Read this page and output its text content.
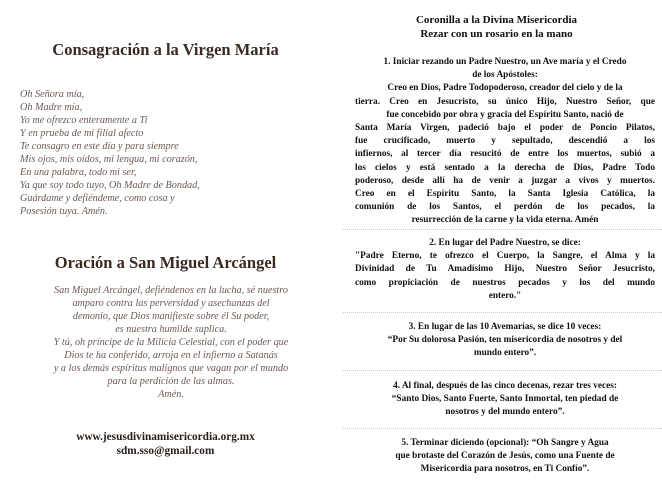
Consagración a la Virgen María
Oh Señora mía,
Oh Madre mía,
Yo me ofrezco enteramente a Ti
Y en prueba de mi filial afecto
Te consagro en este día y para siempre
Mis ojos, mis oídos, mi lengua, mi corazón,
En una palabra, todo mi ser,
Ya que soy todo tuyo, Oh Madre de Bondad,
Guárdame y defiéndeme, como cosa y
Posesión tuya. Amén.
Oración a San Miguel Arcángel
San Miguel Arcángel, defiéndenos en la lucha, sé nuestro
amparo contra las perversidad y asechanzas del
demonio, que Dios manifieste sobre él Su poder,
es nuestra humilde suplica.
Y tú, oh príncipe de la Milicia Celestial, con el poder que
Dios te ha conferido, arroja en el infierno a Satanás
y a los demás espíritus malignos que vagan por el mundo
para la perdición de las almas.
Amén.

www.jesusdivinamisericordia.org.mx

sdm.sso@gmail.com

Coronilla a la Divina Misericordia
Rezar con un rosario en la mano
1. Iniciar rezando un Padre Nuestro, un Ave maría y el Credo
de los Apóstoles:
Creo en Dios, Padre Todopoderoso, creador del cielo y de la
tierra. Creo en Jesucristo, su único Hijo, Nuestro Señor, que
fue concebido por obra y gracia del Espíritu Santo, nació de
Santa María Virgen, padeció bajo el poder de Poncio Pilatos,
fue crucificado, muerto y sepultado, descendió a los
infiernos, al tercer día resucitó de entre los muertos, subió a
los cielos y está sentado a la derecha de Dios, Padre Todo
poderoso, desde allí ha de venir a juzgar a vivos y muertos.
Creo en el Espíritu Santo, la Santa Iglesia Católica, la
comunión de los Santos, el perdón de los pecados, la
resurrección de la carne y la vida eterna. Amén
2. En lugar del Padre Nuestro, se dice:
"Padre Eterno, te ofrezco el Cuerpo, la Sangre, el Alma y la
Divinidad de Tu Amadísimo Hijo, Nuestro Señor Jesucristo,
como propiciación de nuestros pecados y los del mundo
entero."
3. En lugar de las 10 Avemarías, se dice 10 veces:
“Por Su dolorosa Pasión, ten misericordia de nosotros y del
mundo entero”.
4. Al final, después de las cinco decenas, rezar tres veces:
“Santo Dios, Santo Fuerte, Santo Inmortal, ten piedad de
nosotros y del mundo entero”.
5. Terminar diciendo (opcional): “Oh Sangre y Agua
que brotaste del Corazón de Jesús, como una Fuente de
Misericordia para nosotros, en Ti Confío”.
